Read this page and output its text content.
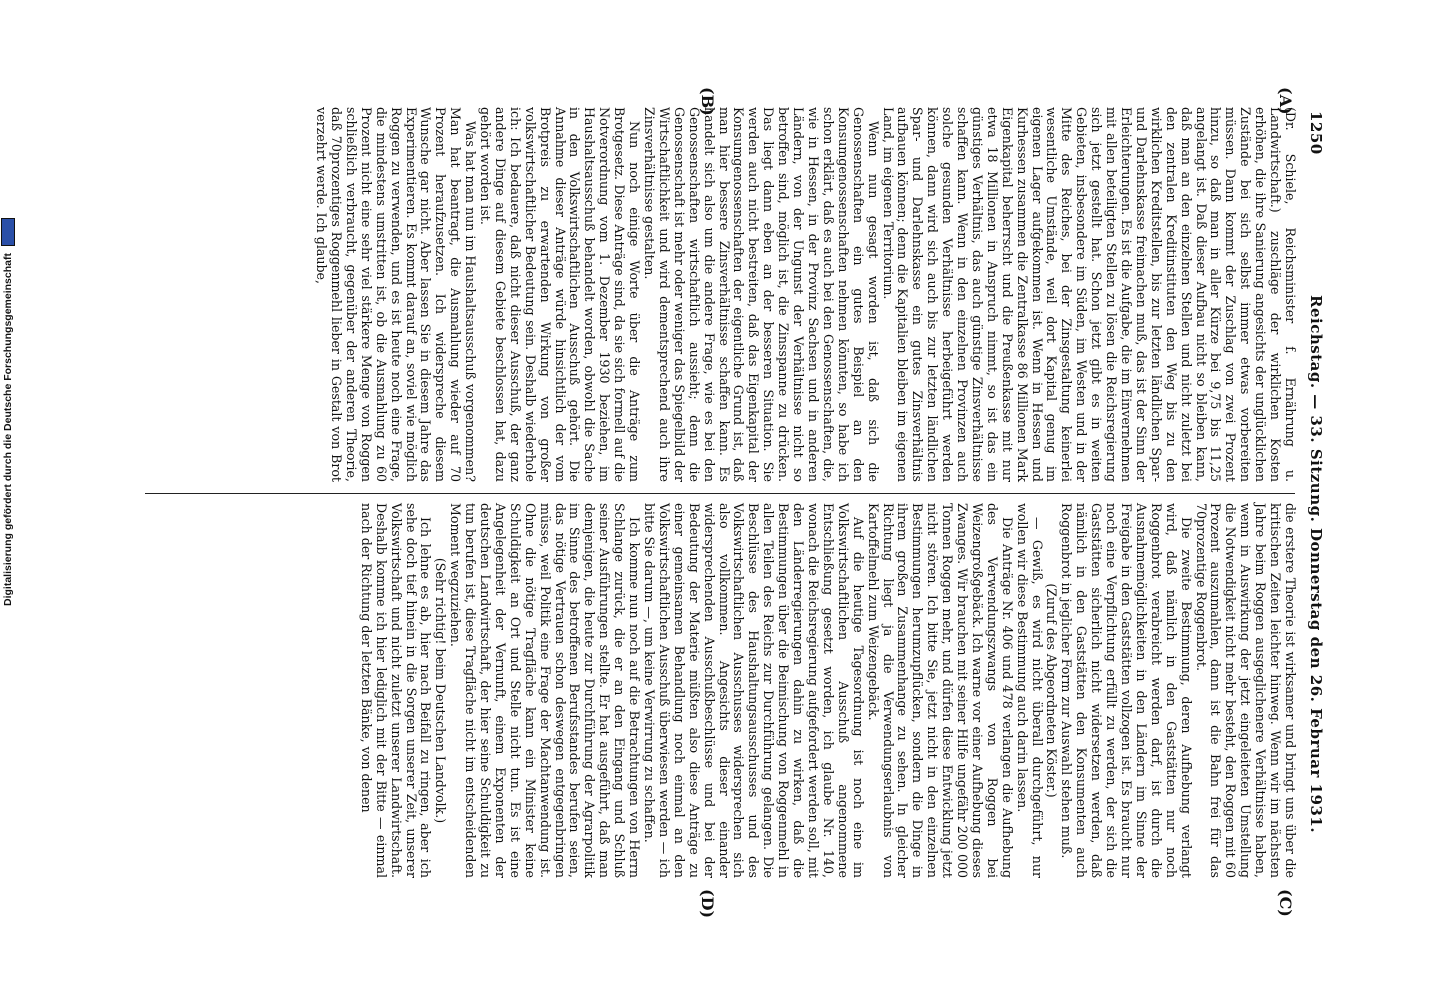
1250
Reichstag. — 33. Sitzung. Donnerstag den 26. Februar 1931.
(A)
(B)
(C)
(D)

(Dr. Schiele, Reichsminister f. Ernährung u. Landwirtschaft.) zuschläge der wirklichen Kosten erhöhen, die ihre Sanierung angesichts der unglücklichen Zustände bei sich selbst immer etwas vorbereiten müssen. Dann kommt der Zuschlag von zwei Prozent hinzu, so daß man in aller Kürze bei 9,75 bis 11,25 angelangt ist. Daß dieser Aufbau nicht so bleiben kann, daß man an den einzelnen Stellen und nicht zuletzt bei den zentralen Kreditinstituten den Weg bis zu den wirklichen Kreditstellen, bis zur letzten ländlichen Spar- und Darlehnskasse freimachen muß, das ist der Sinn der Erleichterungen. Es ist die Aufgabe, die im Einvernehmen mit allen beteiligten Stellen zu lösen die Reichsregierung sich jetzt gestellt hat. Schon jetzt gibt es in weiten Gebieten, insbesondere im Süden, im Westen und in der Mitte des Reiches, bei der Zinsgestaltung keinerlei wesentliche Umstände, weil dort Kapital genug im eigenen Lager aufgekommen ist. Wenn in Hessen und Kurhessen zusammen die Zentralkasse 86 Millionen Mark Eigenkapital beherrscht und die Preußenkasse mit nur etwa 18 Millionen in Anspruch nimmt, so ist das ein günstiges Verhältnis, das auch günstige Zinsverhältnisse schaffen kann. Wenn in den einzelnen Provinzen auch solche gesunden Verhältnisse herbeigeführt werden können, dann wird sich auch bis zur letzten ländlichen Spar- und Darlehnskasse ein gutes Zinsverhältnis aufbauen können; denn die Kapitalien bleiben im eigenen Land, im eigenen Territorium.

Wenn nun gesagt worden ist, daß sich die Genossenschaften ein gutes Beispiel an den Konsumgenossenschaften nehmen könnten, so habe ich schon erklärt, daß es auch bei den Genossenschaften, die, wie in Hessen, in der Provinz Sachsen und in anderen Ländern, von der Ungunst der Verhältnisse nicht so betroffen sind, möglich ist, die Zinsspanne zu drücken. Das liegt dann eben an der besseren Situation. Sie werden auch nicht bestreiten, daß das Eigenkapital der Konsumgenossenschaften der eigentliche Grund ist, daß man hier bessere Zinsverhältnisse schaffen kann. Es handelt sich also um die andere Frage, wie es bei den Genossenschaften wirtschaftlich aussieht; denn die Genossenschaft ist mehr oder weniger das Spiegelbild der Wirtschaftlichkeit und wird dementsprechend auch ihre Zinsverhältnisse gestalten.

Nun noch einige Worte über die Anträge zum Brotgesetz. Diese Anträge sind, da sie sich formell auf die Notverordnung vom 1. Dezember 1930 beziehen, im Haushaltsausschuß behandelt worden, obwohl die Sache in den Volkswirtschaftlichen Ausschuß gehört. Die Annahme dieser Anträge würde hinsichtlich der vom Brotpreis zu erwartenden Wirkung von großer volkswirtschaftlicher Bedeutung sein. Deshalb wiederhole ich: Ich bedauere, daß nicht dieser Ausschuß, der ganz andere Dinge auf diesem Gebiete beschlossen hat, dazu gehört worden ist.

Was hat man nun im Haushaltsausschuß vorgenommen? Man hat beantragt, die Ausmahlung wieder auf 70 Prozent heraufzusetzen. Ich widerspreche diesem Wunsche gar nicht. Aber lassen Sie in diesem Jahre das Experimentieren. Es kommt darauf an, soviel wie möglich Roggen zu verwenden, und es ist heute noch eine Frage, die mindestens umstritten ist, ob die Ausmahlung zu 60 Prozent nicht eine sehr viel stärkere Menge von Roggen schließlich verbraucht, gegenüber der anderen Theorie, daß 70prozentiges Roggenmehl lieber in Gestalt von Brot verzehrt werde. Ich glaube,

die erstere Theorie ist wirksamer und bringt uns über die kritischen Zeiten leichter hinweg. Wenn wir im nächsten Jahre beim Roggen ausgeglichenere Verhältnisse haben, wenn in Auswirkung der jetzt eingeleiteten Umstellung die Notwendigkeit nicht mehr besteht, den Roggen mit 60 Prozent auszumahlen, dann ist die Bahn frei für das 70prozentige Roggenbrot.

Die zweite Bestimmung, deren Aufhebung verlangt wird, daß nämlich in den Gaststätten nur noch Roggenbrot verabreicht werden darf, ist durch die Ausnahmemöglichkeiten in den Ländern im Sinne der Freigabe in den Gaststätten vollzogen ist. Es braucht nur noch eine Verpflichtung erfüllt zu werden, der sich die Gaststätten sicherlich nicht widersetzen werden, daß nämlich in den Gaststätten den Konsumenten auch Roggenbrot in jeglicher Form zur Auswahl stehen muß.

(Zuruf des Abgeordneten Köster.)

— Gewiß, es wird nicht überall durchgeführt, nur wollen wir diese Bestimmung auch darin lassen.

Die Anträge Nr. 406 und 478 verlangen die Aufhebung des Verwendungszwangs von Roggen bei Weizengroßgebäck. Ich warne vor einer Aufhebung dieses Zwanges. Wir brauchen mit seiner Hilfe ungefähr 200 000 Tonnen Roggen mehr, und dürfen diese Entwicklung jetzt nicht stören. Ich bitte Sie, jetzt nicht in den einzelnen Bestimmungen herumzupflücken, sondern die Dinge in ihrem großen Zusammenhange zu sehen. In gleicher Richtung liegt ja die Verwendungserlaubnis von Kartoffelmehl zum Weizengebäck.

Auf die heutige Tagesordnung ist noch eine im Volkswirtschaftlichen Ausschuß angenommene Entschließung gesetzt worden, ich glaube Nr. 140, wonach die Reichsregierung aufgefordert werden soll, mit den Länderregierungen dahin zu wirken, daß die Bestimmungen über die Beimischung von Roggenmehl in allen Teilen des Reichs zur Durchführung gelangen. Die Beschlüsse des Haushaltungsausschusses und des Volkswirtschaftlichen Ausschusses widersprechen sich also vollkommen. Angesichts dieser einander widersprechenden Ausschußbeschlüsse und bei der Bedeutung der Materie müßten also diese Anträge zu einer gemeinsamen Behandlung noch einmal an den Volkswirtschaftlichen Ausschuß überwiesen werden — ich bitte Sie darum —, um keine Verwirrung zu schaffen.

Ich komme nun noch auf die Betrachtungen von Herrn Schlange zurück, die er an den Eingang und Schluß seiner Ausführungen stellte. Er hat ausgeführt, daß man demjenigen, die heute zur Durchführung der Agrarpolitik im Sinne des betroffenen Berufsstandes berufen seien, das nötige Vertrauen schon deswegen entgegenbringen müsse, weil Politik eine Frage der Machtanwendung ist. Ohne die nötige Tragfläche kann ein Minister keine Schuldigkeit an Ort und Stelle nicht tun. Es ist eine Angelegenheit der Vernunft, einem Exponenten der deutschen Landwirtschaft, der hier seine Schuldigkeit zu tun berufen ist, diese Tragfläche nicht im entscheidenden Moment wegzuziehen.

(Sehr richtig! beim Deutschen Landvolk.)

Ich lehne es ab, hier nach Beifall zu ringen, aber ich sehe doch tief hinein in die Sorgen unserer Zeit, unserer Volkswirtschaft und nicht zuletzt unserer Landwirtschaft. Deshalb komme ich hier lediglich mit der Bitte — einmal nach der Richtung der letzten Bänke, von denen

Digitalisierung gefördert durch die Deutsche Forschungsgemeinschaft
